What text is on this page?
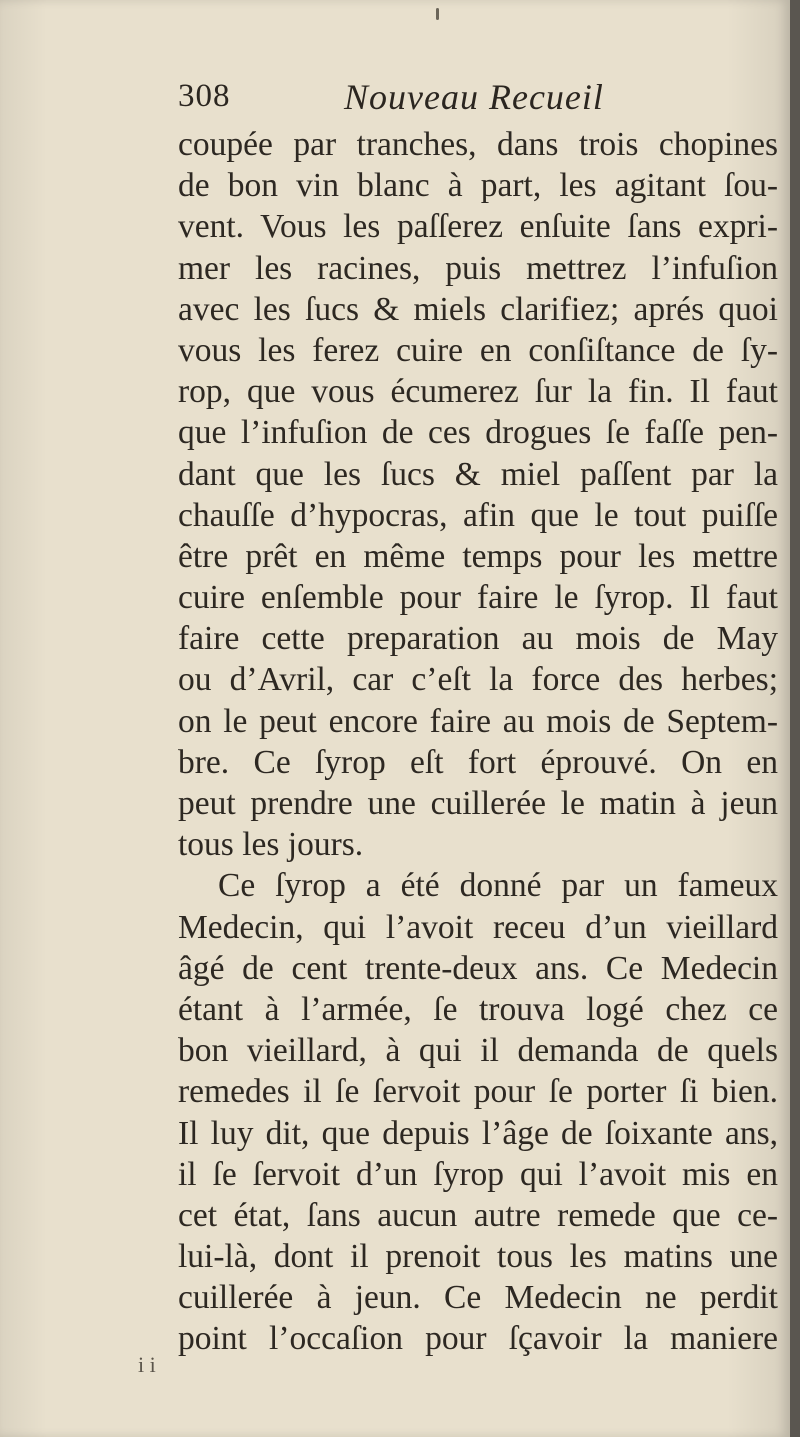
308	Nouveau Recueil
coupée par tranches, dans trois chopines
de bon vin blanc à part, les agitant ſou-
vent. Vous les paſſerez enſuite ſans expri-
mer les racines, puis mettrez l’infuſion
avec les ſucs & miels clarifiez; aprés quoi
vous les ferez cuire en conſiſtance de ſy-
rop, que vous écumerez ſur la fin. Il faut
que l’infuſion de ces drogues ſe faſſe pen-
dant que les ſucs & miel paſſent par la
chauſſe d’hypocras, afin que le tout puiſſe
être prêt en même temps pour les mettre
cuire enſemble pour faire le ſyrop. Il faut
faire cette preparation au mois de May
ou d’Avril, car c’eſt la force des herbes;
on le peut encore faire au mois de Septem-
bre. Ce ſyrop eſt fort éprouvé. On en
peut prendre une cuillerée le matin à jeun
tous les jours.
Ce ſyrop a été donné par un fameux
Medecin, qui l’avoit receu d’un vieillard
âgé de cent trente-deux ans. Ce Medecin
étant à l’armée, ſe trouva logé chez ce
bon vieillard, à qui il demanda de quels
remedes il ſe ſervoit pour ſe porter ſi bien.
Il luy dit, que depuis l’âge de ſoixante ans,
il ſe ſervoit d’un ſyrop qui l’avoit mis en
cet état, ſans aucun autre remede que ce-
lui-là, dont il prenoit tous les matins une
cuillerée à jeun. Ce Medecin ne perdit
point l’occaſion pour ſçavoir la maniere
i i
